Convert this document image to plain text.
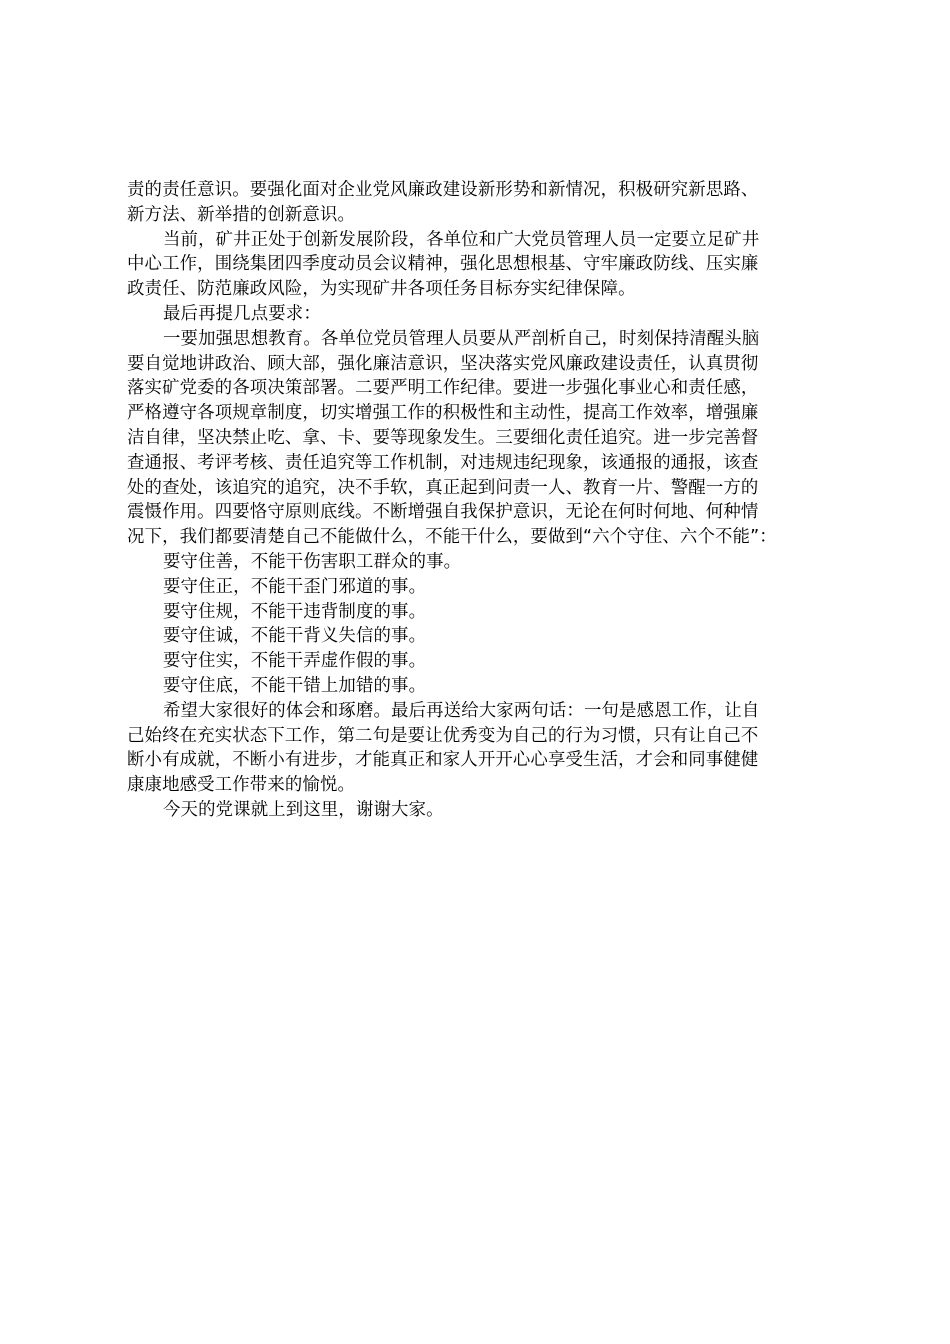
责的责任意识。要强化面对企业党风廉政建设新形势和新情况，积极研究新思路、
新方法、新举措的创新意识。
当前，矿井正处于创新发展阶段，各单位和广大党员管理人员一定要立足矿井
中心工作，围绕集团四季度动员会议精神，强化思想根基、守牢廉政防线、压实廉
政责任、防范廉政风险，为实现矿井各项任务目标夯实纪律保障。
最后再提几点要求：
一要加强思想教育。各单位党员管理人员要从严剖析自己，时刻保持清醒头脑
要自觉地讲政治、顾大部，强化廉洁意识，坚决落实党风廉政建设责任，认真贯彻
落实矿党委的各项决策部署。二要严明工作纪律。要进一步强化事业心和责任感，
严格遵守各项规章制度，切实增强工作的积极性和主动性，提高工作效率，增强廉
洁自律，坚决禁止吃、拿、卡、要等现象发生。三要细化责任追究。进一步完善督
查通报、考评考核、责任追究等工作机制，对违规违纪现象，该通报的通报，该查
处的查处，该追究的追究，决不手软，真正起到问责一人、教育一片、警醒一方的
震慑作用。四要恪守原则底线。不断增强自我保护意识，无论在何时何地、何种情
况下，我们都要清楚自己不能做什么，不能干什么，要做到“六个守住、六个不能”：
要守住善，不能干伤害职工群众的事。
要守住正，不能干歪门邪道的事。
要守住规，不能干违背制度的事。
要守住诚，不能干背义失信的事。
要守住实，不能干弄虚作假的事。
要守住底，不能干错上加错的事。
希望大家很好的体会和琢磨。最后再送给大家两句话：一句是感恩工作，让自
己始终在充实状态下工作，第二句是要让优秀变为自己的行为习惯，只有让自己不
断小有成就，不断小有进步，才能真正和家人开开心心享受生活，才会和同事健健
康康地感受工作带来的愉悦。
今天的党课就上到这里，谢谢大家。
